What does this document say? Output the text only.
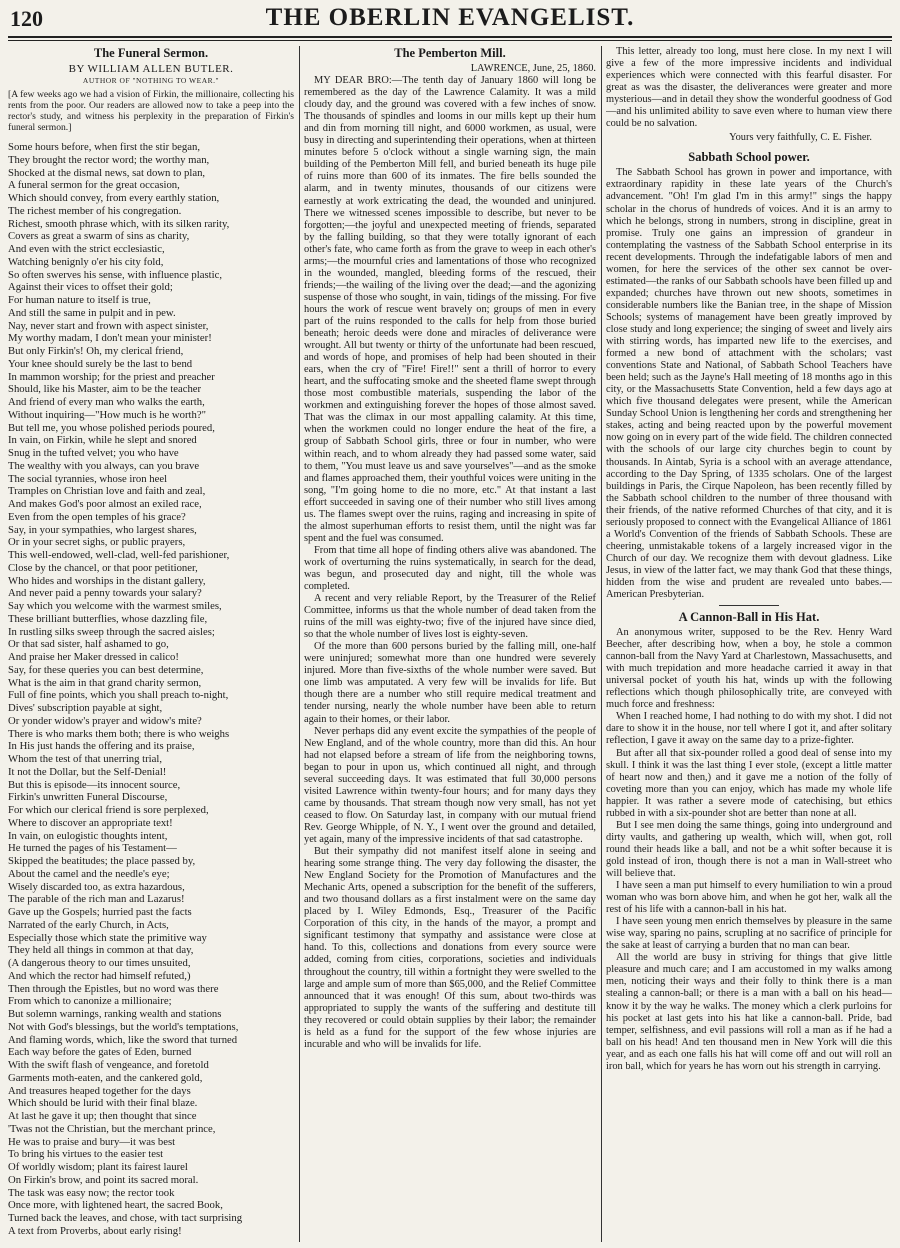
120	THE OBERLIN EVANGELIST.
The Funeral Sermon.
BY WILLIAM ALLEN BUTLER.
AUTHOR OF "NOTHING TO WEAR."
[A few weeks ago we had a vision of Firkin, the millionaire, collecting his rents from the poor. Our readers are allowed now to take a peep into the rector's study, and witness his perplexity in the preparation of Firkin's funeral sermon.]
Some hours before, when first the stir began,
They brought the rector word; the worthy man,
Shocked at the dismal news, sat down to plan,
A funeral sermon for the great occasion,
Which should convey, from every earthly station,
The richest member of his congregation.
Richest, smooth phrase which, with its silken rarity,
Covers as great a swarm of sins as charity,
And even with the strict ecclesiastic,
Watching benignly o'er his city fold,
So often swerves his sense, with influence plastic,
Against their vices to offset their gold;
For human nature to itself is true,
And still the same in pulpit and in pew.
Nay, never start and frown with aspect sinister,
My worthy madam, I don't mean your minister!
But only Firkin's! Oh, my clerical friend,
Your knee should surely be the last to bend
In mammon worship; for the priest and preacher
Should, like his Master, aim to be the teacher
And friend of every man who walks the earth,
Without inquiring—"How much is he worth?"
But tell me, you whose polished periods poured,
In vain, on Firkin, while he slept and snored
Snug in the tufted velvet; you who have
The wealthy with you always, can you brave
The social tyrannies, whose iron heel
Tramples on Christian love and faith and zeal,
And makes God's poor almost an exiled race,
Even from the open temples of his grace?
Say, in your sympathies, who largest shares,
Or in your secret sighs, or public prayers,
This well-endowed, well-clad, well-fed parishioner,
Close by the chancel, or that poor petitioner,
Who hides and worships in the distant gallery,
And never paid a penny towards your salary?
Say which you welcome with the warmest smiles,
These brilliant butterflies, whose dazzling file,
In rustling silks sweep through the sacred aisles;
Or that sad sister, half ashamed to go,
And praise her Maker dressed in calico!
Say, for these queries you can best determine,
What is the aim in that grand charity sermon,
Full of fine points, which you shall preach to-night,
Dives' subscription payable at sight,
Or yonder widow's prayer and widow's mite?
There is who marks them both; there is who weighs
In His just hands the offering and its praise,
Whom the test of that unerring trial,
It not the Dollar, but the Self-Denial!
But this is episode—its innocent source,
Firkin's unwritten Funeral Discourse,
For which our clerical friend is sore perplexed,
Where to discover an appropriate text!
In vain, on eulogistic thoughts intent,
He turned the pages of his Testament—
Skipped the beatitudes; the place passed by,
About the camel and the needle's eye;
Wisely discarded too, as extra hazardous,
The parable of the rich man and Lazarus!
Gave up the Gospels; hurried past the facts
Narrated of the early Church, in Acts,
Especially those which state the primitive way
They held all things in common at that day,
(A dangerous theory to our times unsuited,
And which the rector had himself refuted,)
Then through the Epistles, but no word was there
From which to canonize a millionaire;
But solemn warnings, ranking wealth and stations
Not with God's blessings, but the world's temptations,
And flaming words, which, like the sword that turned
Each way before the gates of Eden, burned
With the swift flash of vengeance, and foretold
Garments moth-eaten, and the cankered gold,
And treasures heaped together for the days
Which should be lurid with their final blaze.
At last he gave it up; then thought that since
'Twas not the Christian, but the merchant prince,
He was to praise and bury—it was best
To bring his virtues to the easier test
Of worldly wisdom; plant its fairest laurel
On Firkin's brow, and point its sacred moral.
The task was easy now; the rector took
Once more, with lightened heart, the sacred Book,
Turned back the leaves, and chose, with tact surprising
A text from Proverbs, about early rising!
The Pemberton Mill.
LAWRENCE, June, 25, 1860.

MY DEAR BRO:—The tenth day of January 1860 will long be remembered as the day of the Lawrence Calamity. It was a mild cloudy day, and the ground was covered with a few inches of snow. The thousands of spindles and looms in our mills kept up their hum and din from morning till night, and 6000 workmen, as usual, were busy in directing and superintending their operations, when at thirteen minutes before 5 o'clock without a single warning sign, the main building of the Pemberton Mill fell, and buried beneath its huge pile of ruins more than 600 of its inmates. The fire bells sounded the alarm, and in twenty minutes, thousands of our citizens were earnestly at work extricating the dead, the wounded and uninjured. There we witnessed scenes impossible to describe, but never to be forgotten;—the joyful and unexpected meeting of friends, separated by the falling building, so that they were totally ignorant of each other's fate, who came forth as from the grave to weep in each other's arms;—the mournful cries and lamentations of those who recognized in the wounded, mangled, bleeding forms of the rescued, their friends;—the wailing of the living over the dead;—and the agonizing suspense of those who sought, in vain, tidings of the missing. For five hours the work of rescue went bravely on; groups of men in every part of the ruins responded to the calls for help from those buried beneath; heroic deeds were done and miracles of deliverance were wrought. All but twenty or thirty of the unfortunate had been rescued, and words of hope, and promises of help had been shouted in their ears, when the cry of "Fire! Fire!!" sent a thrill of horror to every heart, and the suffocating smoke and the sheeted flame swept through those most combustible materials, suspending the labor of the workmen and extinguishing forever the hopes of those almost saved. That was the climax in our most appalling calamity. At this time, when the workmen could no longer endure the heat of the fire, a group of Sabbath School girls, three or four in number, who were within reach, and to whom already they had passed some water, said to them, "You must leave us and save yourselves"—and as the smoke and flames approached them, their youthful voices were uniting in the song, "I'm going home to die no more, etc." At that instant a last effort succeeded in saving one of their number who still lives among us. The flames swept over the ruins, raging and increasing in spite of the almost superhuman efforts to resist them, until the night was far spent and the fuel was consumed.

From that time all hope of finding others alive was abandoned. The work of overturning the ruins systematically, in search for the dead, was begun, and prosecuted day and night, till the whole was completed.

A recent and very reliable Report, by the Treasurer of the Relief Committee, informs us that the whole number of dead taken from the ruins of the mill was eighty-two; five of the injured have since died, so that the whole number of lives lost is eighty-seven.

Of the more than 600 persons buried by the falling mill, one-half were uninjured; somewhat more than one hundred were severely injured. More than five-sixths of the whole number were saved. But one limb was amputated. A very few will be invalids for life. But though there are a number who still require medical treatment and tender nursing, nearly the whole number have been able to return again to their homes, or their labor.

Never perhaps did any event excite the sympathies of the people of New England, and of the whole country, more than did this. An hour had not elapsed before a stream of life from the neighboring towns, began to pour in upon us, which continued all night, and through several succeeding days. It was estimated that full 30,000 persons visited Lawrence within twenty-four hours; and for many days they came by thousands. That stream though now very small, has not yet ceased to flow. On Saturday last, in company with our mutual friend Rev. George Whipple, of N. Y., I went over the ground and detailed, yet again, many of the impressive incidents of that sad catastrophe.

But their sympathy did not manifest itself alone in seeing and hearing some strange thing. The very day following the disaster, the New England Society for the Promotion of Manufactures and the Mechanic Arts, opened a subscription for the benefit of the sufferers, and two thousand dollars as a first instalment were on the same day placed by I. Wiley Edmonds, Esq., Treasurer of the Pacific Corporation of this city, in the hands of the mayor, a prompt and significant testimony that sympathy and assistance were close at hand. To this, collections and donations from every source were added, coming from cities, corporations, societies and individuals throughout the country, till within a fortnight they were swelled to the large and ample sum of more than $65,000, and the Relief Committee announced that it was enough! Of this sum, about two-thirds was appropriated to supply the wants of the suffering and destitute till they recovered or could obtain supplies by their labor; the remainder is held as a fund for the support of the few whose injuries are incurable and who will be invalids for life.

This letter, already too long, must here close. In my next I will give a few of the more impressive incidents and individual experiences which were connected with this fearful disaster. For great as was the disaster, the deliverances were greater and more mysterious—and in detail they show the wonderful goodness of God—and his unlimited ability to save even where to human view there could be no salvation.

Yours very faithfully, C. E. Fisher.
Sabbath School power.

The Sabbath School has grown in power and importance, with extraordinary rapidity in these late years of the Church's advancement. "Oh! I'm glad I'm in this army!" sings the happy scholar in the chorus of hundreds of voices. And it is an army to which he belongs, strong in numbers, strong in discipline, great in promise. Truly one gains an impression of grandeur in contemplating the vastness of the Sabbath School enterprise in its recent developments. Through the indefatigable labors of men and women, for here the services of the other sex cannot be over-estimated—the ranks of our Sabbath schools have been filled up and expanded; churches have thrown out new shoots, sometimes in considerable numbers like the Banian tree, in the shape of Mission Schools; systems of management have been greatly improved by close study and long experience; the singing of sweet and lively airs with stirring words, has imparted new life to the exercises, and formed a new bond of attachment with the scholars; vast conventions State and National, of Sabbath School Teachers have been held; such as the Jayne's Hall meeting of 18 months ago in this city, or the Massachusetts State Convention, held a few days ago at which five thousand delegates were present, while the American Sunday School Union is lengthening her cords and strengthening her stakes, acting and being reacted upon by the powerful movement now going on in every part of the wide field. The children connected with the schools of our large city churches begin to count by thousands. In Aintab, Syria is a school with an average attendance, according to the Day Spring, of 1335 scholars. One of the largest buildings in Paris, the Cirque Napoleon, has been recently filled by the Sabbath school children to the number of three thousand with their friends, of the native reformed Churches of that city, and it is seriously proposed to connect with the Evangelical Alliance of 1861 a World's Convention of the friends of Sabbath Schools. These are cheering, unmistakable tokens of a largely increased vigor in the Church of our day. We recognize them with devout gladness. Like Jesus, in view of the latter fact, we may thank God that these things, hidden from the wise and prudent are revealed unto babes.—American Presbyterian.

A Cannon-Ball in His Hat.

An anonymous writer, supposed to be the Rev. Henry Ward Beecher, after describing how, when a boy, he stole a common cannon-ball from the Navy Yard at Charlestown, Massachusetts, and with much trepidation and more headache carried it away in that universal pocket of youth his hat, winds up with the following reflections which though philosophically trite, are conveyed with much force and freshness:

When I reached home, I had nothing to do with my shot. I did not dare to show it in the house, nor tell where I got it, and after solitary reflection, I gave it away on the same day to a prize-fighter.

But after all that six-pounder rolled a good deal of sense into my skull. I think it was the last thing I ever stole, (except a little matter of heart now and then,) and it gave me a notion of the folly of coveting more than you can enjoy, which has made my whole life happier. It was rather a severe mode of catechising, but ethics rubbed in with a six-pounder shot are better than none at all.

But I see men doing the same things, going into underground and dirty vaults, and gathering up wealth, which will, when got, roll round their heads like a ball, and not be a whit softer because it is gold instead of iron, though there is not a man in Wall-street who will believe that.

I have seen a man put himself to every humiliation to win a proud woman who was born above him, and when he got her, walk all the rest of his life with a cannon-ball in his hat.

I have seen young men enrich themselves by pleasure in the same wise way, sparing no pains, scrupling at no sacrifice of principle for the sake at least of carrying a burden that no man can bear.

All the world are busy in striving for things that give little pleasure and much care; and I am accustomed in my walks among men, noticing their ways and their folly to think there is a man stealing a cannon-ball; or there is a man with a ball on his head—know it by the way he walks. The money which a clerk purloins for his pocket at last gets into his hat like a cannon-ball. Pride, bad temper, selfishness, and evil passions will roll a man as if he had a ball on his head! And ten thousand men in New York will die this year, and as each one falls his hat will come off and out will roll an iron ball, which for years he has worn out his strength in carrying.
